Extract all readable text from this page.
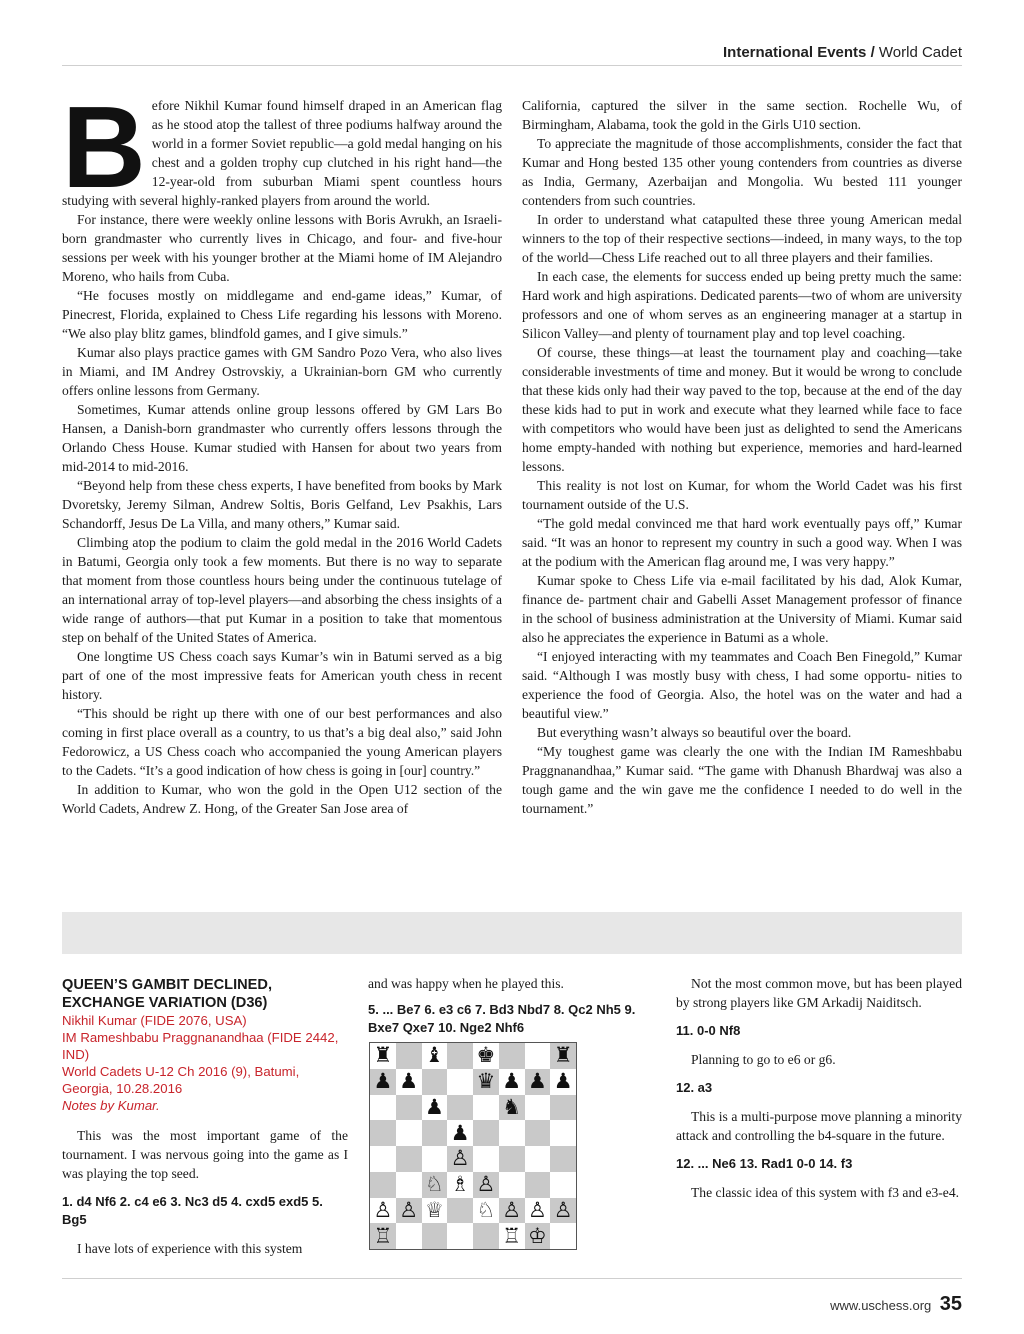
International Events / World Cadet
B efore Nikhil Kumar found himself draped in an American flag as he stood atop the tallest of three podiums halfway around the world in a former Soviet republic—a gold medal hanging on his chest and a golden trophy cup clutched in his right hand—the 12-year-old from suburban Miami spent countless hours studying with several highly-ranked players from around the world.

For instance, there were weekly online lessons with Boris Avrukh, an Israeli-born grandmaster who currently lives in Chicago, and four- and five-hour sessions per week with his younger brother at the Miami home of IM Alejandro Moreno, who hails from Cuba.

“He focuses mostly on middlegame and end-game ideas,” Kumar, of Pinecrest, Florida, explained to Chess Life regarding his lessons with Moreno. “We also play blitz games, blindfold games, and I give simuls.”

Kumar also plays practice games with GM Sandro Pozo Vera, who also lives in Miami, and IM Andrey Ostrovskiy, a Ukrainian-born GM who currently offers online lessons from Germany.

Sometimes, Kumar attends online group lessons offered by GM Lars Bo Hansen, a Danish-born grandmaster who currently offers lessons through the Orlando Chess House. Kumar studied with Hansen for about two years from mid-2014 to mid-2016.

“Beyond help from these chess experts, I have benefited from books by Mark Dvoretsky, Jeremy Silman, Andrew Soltis, Boris Gelfand, Lev Psakhis, Lars Schandorff, Jesus De La Villa, and many others,” Kumar said.

Climbing atop the podium to claim the gold medal in the 2016 World Cadets in Batumi, Georgia only took a few moments. But there is no way to separate that moment from those countless hours being under the continuous tutelage of an international array of top-level players—and absorbing the chess insights of a wide range of authors—that put Kumar in a position to take that momentous step on behalf of the United States of America.

One longtime US Chess coach says Kumar’s win in Batumi served as a big part of one of the most impressive feats for American youth chess in recent history.

“This should be right up there with one of our best performances and also coming in first place overall as a country, to us that’s a big deal also,” said John Fedorowicz, a US Chess coach who accompanied the young American players to the Cadets. “It’s a good indication of how chess is going in [our] country.”

In addition to Kumar, who won the gold in the Open U12 section of the World Cadets, Andrew Z. Hong, of the Greater San Jose area of

California, captured the silver in the same section. Rochelle Wu, of Birmingham, Alabama, took the gold in the Girls U10 section.

To appreciate the magnitude of those accomplishments, consider the fact that Kumar and Hong bested 135 other young contenders from countries as diverse as India, Germany, Azerbaijan and Mongolia. Wu bested 111 younger contenders from such countries.

In order to understand what catapulted these three young American medal winners to the top of their respective sections—indeed, in many ways, to the top of the world—Chess Life reached out to all three players and their families.

In each case, the elements for success ended up being pretty much the same: Hard work and high aspirations. Dedicated parents—two of whom are university professors and one of whom serves as an engineering manager at a startup in Silicon Valley—and plenty of tournament play and top level coaching.

Of course, these things—at least the tournament play and coaching—take considerable investments of time and money. But it would be wrong to conclude that these kids only had their way paved to the top, because at the end of the day these kids had to put in work and execute what they learned while face to face with competitors who would have been just as delighted to send the Americans home empty-handed with nothing but experience, memories and hard-learned lessons.

This reality is not lost on Kumar, for whom the World Cadet was his first tournament outside of the U.S.

“The gold medal convinced me that hard work eventually pays off,” Kumar said. “It was an honor to represent my country in such a good way. When I was at the podium with the American flag around me, I was very happy.”

Kumar spoke to Chess Life via e-mail facilitated by his dad, Alok Kumar, finance de- partment chair and Gabelli Asset Management professor of finance in the school of business administration at the University of Miami. Kumar said also he appreciates the experience in Batumi as a whole.

“I enjoyed interacting with my teammates and Coach Ben Finegold,” Kumar said. “Although I was mostly busy with chess, I had some opportu- nities to experience the food of Georgia. Also, the hotel was on the water and had a beautiful view.”

But everything wasn’t always so beautiful over the board.

“My toughest game was clearly the one with the Indian IM Rameshbabu Praggnanandhaa,” Kumar said. “The game with Dhanush Bhardwaj was also a tough game and the win gave me the confidence I needed to do well in the tournament.”

QUEEN’S GAMBIT DECLINED, EXCHANGE VARIATION (D36)

Nikhil Kumar (FIDE 2076, USA)

IM Rameshbabu Praggnanandhaa (FIDE 2442, IND)

World Cadets U-12 Ch 2016 (9), Batumi, Georgia, 10.28.2016

Notes by Kumar.

This was the most important game of the tournament. I was nervous going into the game as I was playing the top seed.

1. d4 Nf6 2. c4 e6 3. Nc3 d5 4. cxd5 exd5 5. Bg5

I have lots of experience with this system

and was happy when he played this.

5. ... Be7 6. e3 c6 7. Bd3 Nbd7 8. Qc2 Nh5 9. Bxe7 Qxe7 10. Nge2 Nhf6

♜ ♝ ♚	♜
♟ ♟	♛ ♟ ♟ ♟
♟	♞
♟
♙
♘ ♗ ♙
♙ ♙ ♕ ♘ ♙ ♙ ♙
♖	♖ ♔

Not the most common move, but has been played by strong players like GM Arkadij Naiditsch.

11. 0-0 Nf8

Planning to go to e6 or g6.

12. a3

This is a multi-purpose move planning a minority attack and controlling the b4-square in the future.

12. ... Ne6 13. Rad1 0-0 14. f3

The classic idea of this system with f3 and e3-e4.

www.uschess.org 35
